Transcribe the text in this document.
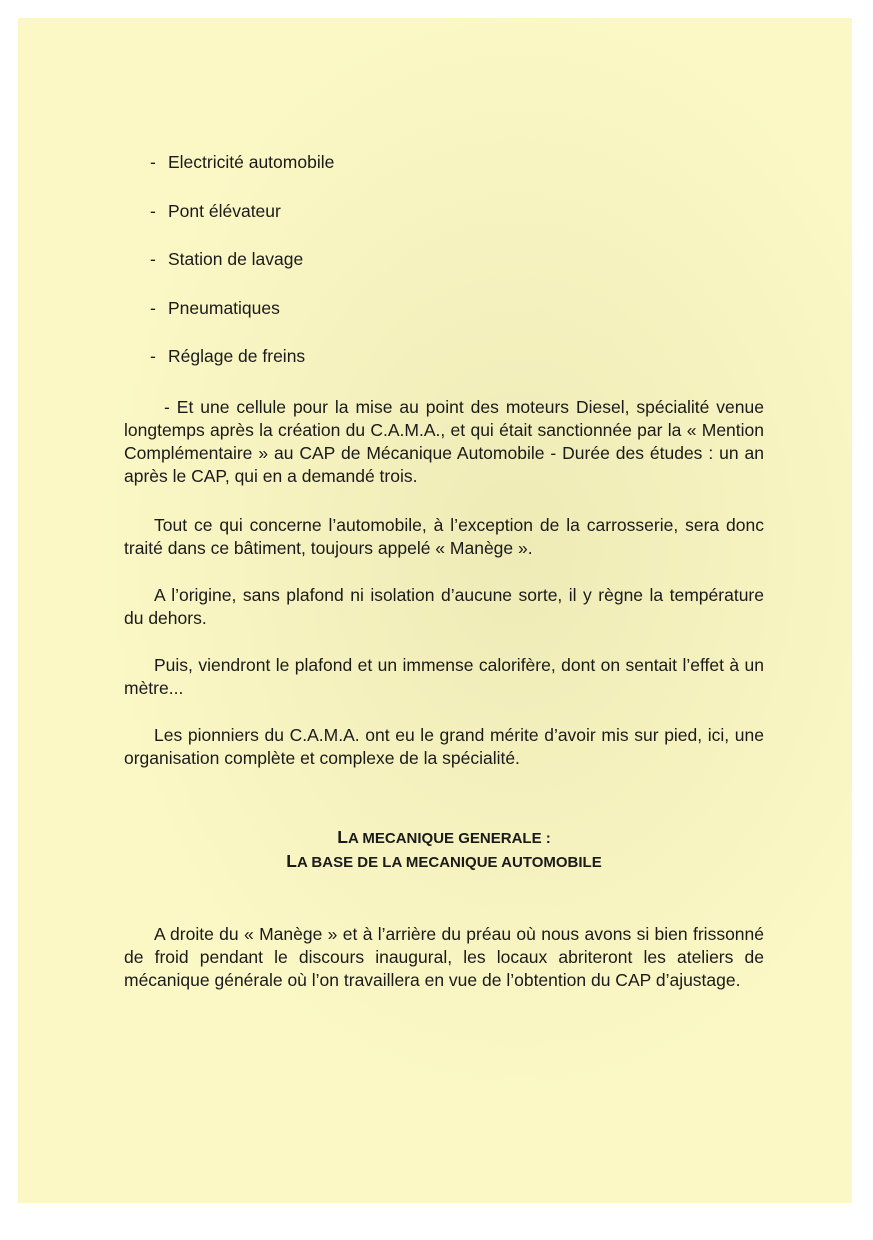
- Electricité automobile
- Pont élévateur
- Station de lavage
- Pneumatiques
- Réglage de freins

- Et une cellule pour la mise au point des moteurs Diesel, spécialité venue longtemps après la création du C.A.M.A., et qui était sanctionnée par la « Mention Complémentaire » au CAP de Mécanique Automobile - Durée des études : un an après le CAP, qui en a demandé trois.

Tout ce qui concerne l’automobile, à l’exception de la carrosserie, sera donc traité dans ce bâtiment, toujours appelé « Manège ».

A l’origine, sans plafond ni isolation d’aucune sorte, il y règne la température du dehors.

Puis, viendront le plafond et un immense calorifère, dont on sentait l’effet à un mètre...

Les pionniers du C.A.M.A. ont eu le grand mérite d’avoir mis sur pied, ici, une organisation complète et complexe de la spécialité.

LA MECANIQUE GENERALE :
LA BASE DE LA MECANIQUE AUTOMOBILE

A droite du « Manège » et à l’arrière du préau où nous avons si bien frissonné de froid pendant le discours inaugural, les locaux abriteront les ateliers de mécanique générale où l’on travaillera en vue de l’obtention du CAP d’ajustage.
